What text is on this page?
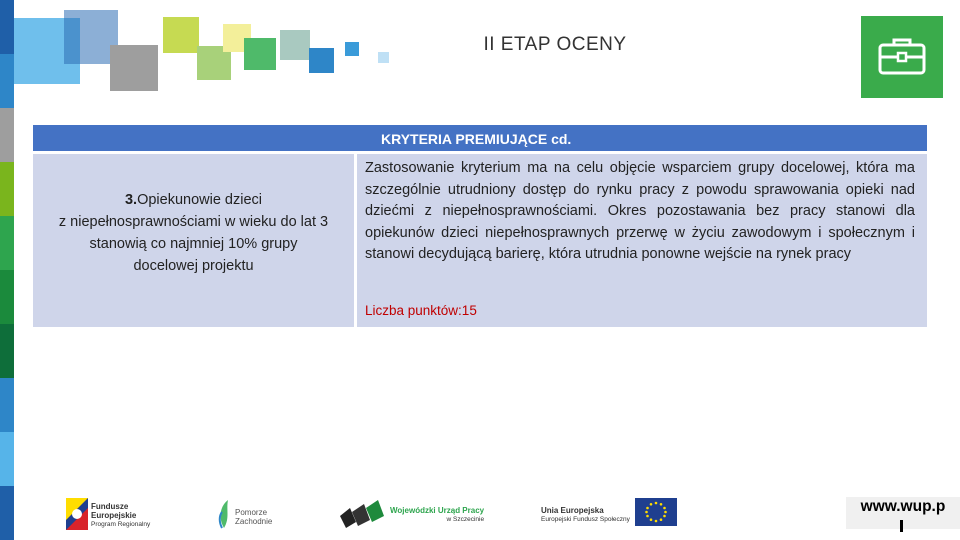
II ETAP OCENY
KRYTERIA PREMIUJĄCE cd.
3.Opiekunowie dzieci
z niepełnosprawnościami w wieku do lat 3
stanowią co najmniej 10% grupy
docelowej projektu
Zastosowanie kryterium ma na celu objęcie wsparciem grupy docelowej, która ma szczególnie utrudniony dostęp do rynku pracy z powodu sprawowania opieki nad dziećmi z niepełnosprawnościami. Okres pozostawania bez pracy stanowi dla opiekunów dzieci niepełnosprawnych przerwę w życiu zawodowym i społecznym i stanowi decydującą barierę, która utrudnia ponowne wejście na rynek pracy
Liczba punktów:15
Fundusze
Europejskie
Program Regionalny
Pomorze
Zachodnie
Wojewódzki Urząd Pracy
w Szczecinie
Unia Europejska
Europejski Fundusz Społeczny
www.wup.p
